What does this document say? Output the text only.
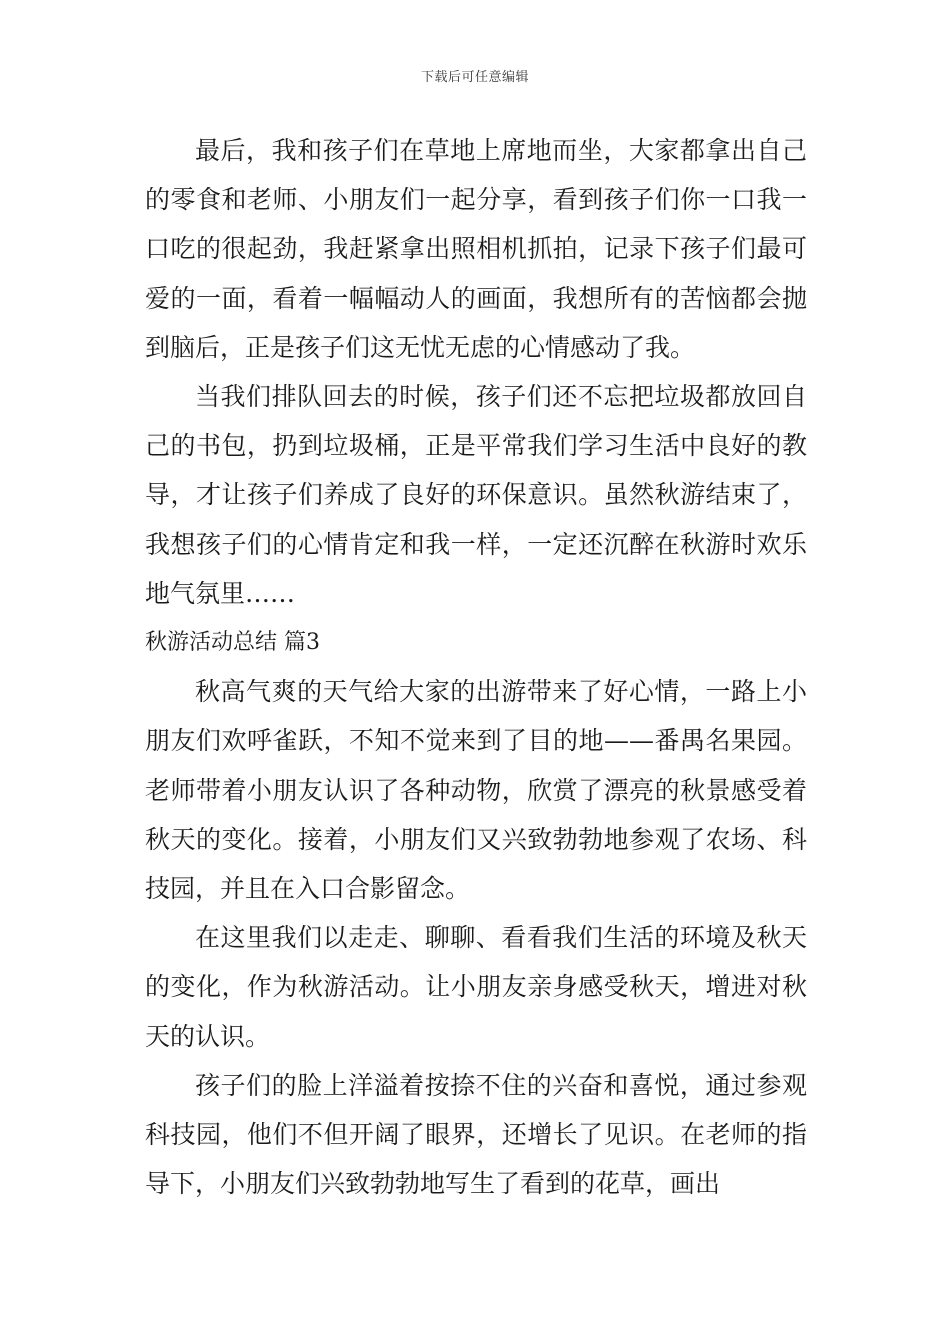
下载后可任意编辑

最后，我和孩子们在草地上席地而坐，大家都拿出自己的零食和老师、小朋友们一起分享，看到孩子们你一口我一口吃的很起劲，我赶紧拿出照相机抓拍，记录下孩子们最可爱的一面，看着一幅幅动人的画面，我想所有的苦恼都会抛到脑后，正是孩子们这无忧无虑的心情感动了我。

当我们排队回去的时候，孩子们还不忘把垃圾都放回自己的书包，扔到垃圾桶，正是平常我们学习生活中良好的教导，才让孩子们养成了良好的环保意识。虽然秋游结束了，我想孩子们的心情肯定和我一样，一定还沉醉在秋游时欢乐地气氛里……

秋游活动总结 篇3

秋高气爽的天气给大家的出游带来了好心情，一路上小朋友们欢呼雀跃，不知不觉来到了目的地——番禺名果园。老师带着小朋友认识了各种动物，欣赏了漂亮的秋景感受着秋天的变化。接着，小朋友们又兴致勃勃地参观了农场、科技园，并且在入口合影留念。

在这里我们以走走、聊聊、看看我们生活的环境及秋天的变化，作为秋游活动。让小朋友亲身感受秋天，增进对秋天的认识。

孩子们的脸上洋溢着按捺不住的兴奋和喜悦，通过参观科技园，他们不但开阔了眼界，还增长了见识。在老师的指导下，小朋友们兴致勃勃地写生了看到的花草，画出
